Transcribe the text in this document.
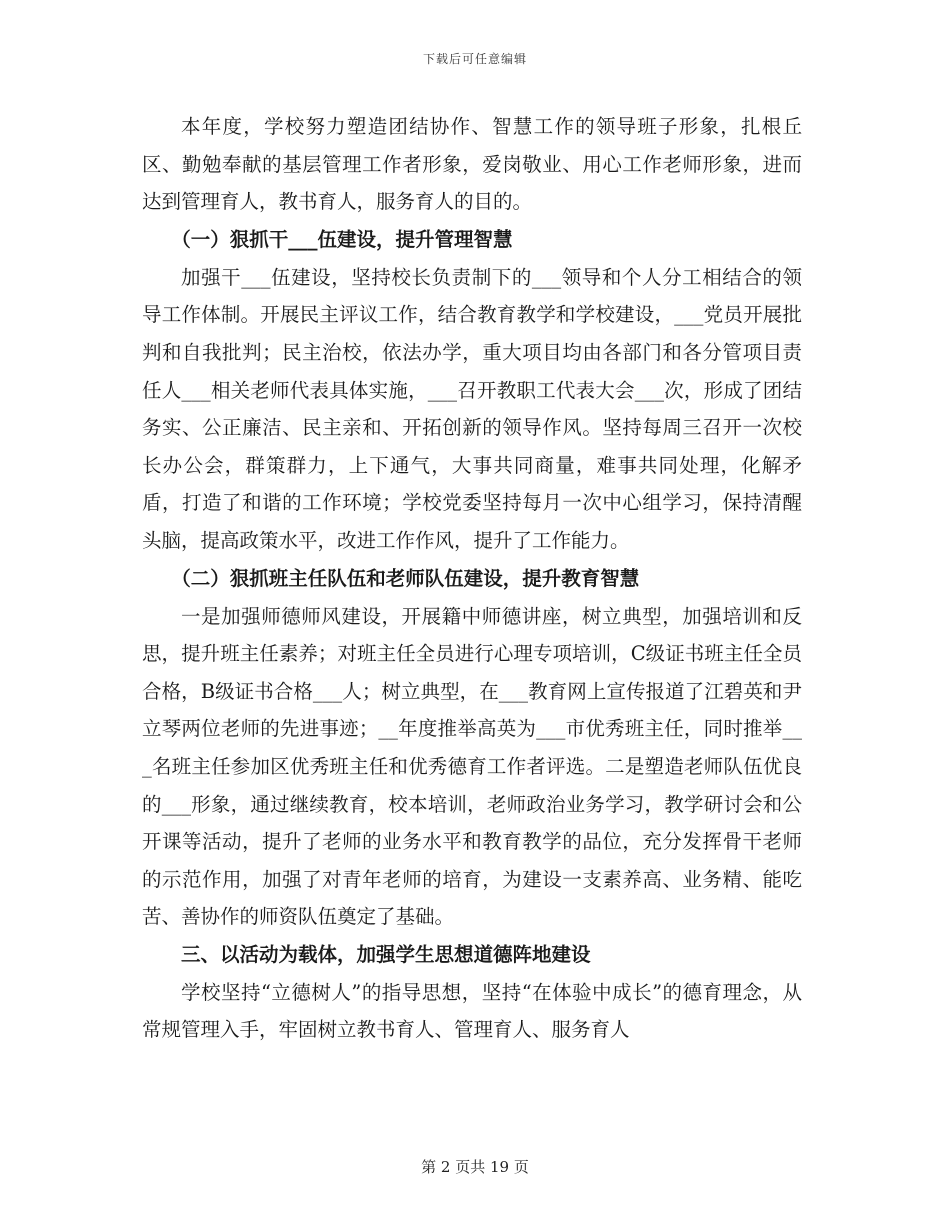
下载后可任意编辑

本年度，学校努力塑造团结协作、智慧工作的领导班子形象，扎根丘区、勤勉奉献的基层管理工作者形象，爱岗敬业、用心工作老师形象，进而达到管理育人，教书育人，服务育人的目的。

（一）狠抓干___伍建设，提升管理智慧

加强干___伍建设，坚持校长负责制下的___领导和个人分工相结合的领导工作体制。开展民主评议工作，结合教育教学和学校建设，___党员开展批判和自我批判；民主治校，依法办学，重大项目均由各部门和各分管项目责任人___相关老师代表具体实施，___召开教职工代表大会___次，形成了团结务实、公正廉洁、民主亲和、开拓创新的领导作风。坚持每周三召开一次校长办公会，群策群力，上下通气，大事共同商量，难事共同处理，化解矛盾，打造了和谐的工作环境；学校党委坚持每月一次中心组学习，保持清醒头脑，提高政策水平，改进工作作风，提升了工作能力。

（二）狠抓班主任队伍和老师队伍建设，提升教育智慧

一是加强师德师风建设，开展籍中师德讲座，树立典型，加强培训和反思，提升班主任素养；对班主任全员进行心理专项培训，C级证书班主任全员合格，B级证书合格___人；树立典型，在___教育网上宣传报道了江碧英和尹立琴两位老师的先进事迹；__年度推举高英为___市优秀班主任，同时推举___名班主任参加区优秀班主任和优秀德育工作者评选。二是塑造老师队伍优良的___形象，通过继续教育，校本培训，老师政治业务学习，教学研讨会和公开课等活动，提升了老师的业务水平和教育教学的品位，充分发挥骨干老师的示范作用，加强了对青年老师的培育，为建设一支素养高、业务精、能吃苦、善协作的师资队伍奠定了基础。

三、以活动为载体，加强学生思想道德阵地建设

学校坚持“立德树人”的指导思想，坚持“在体验中成长”的德育理念，从常规管理入手，牢固树立教书育人、管理育人、服务育人

第 2 页共 19 页
